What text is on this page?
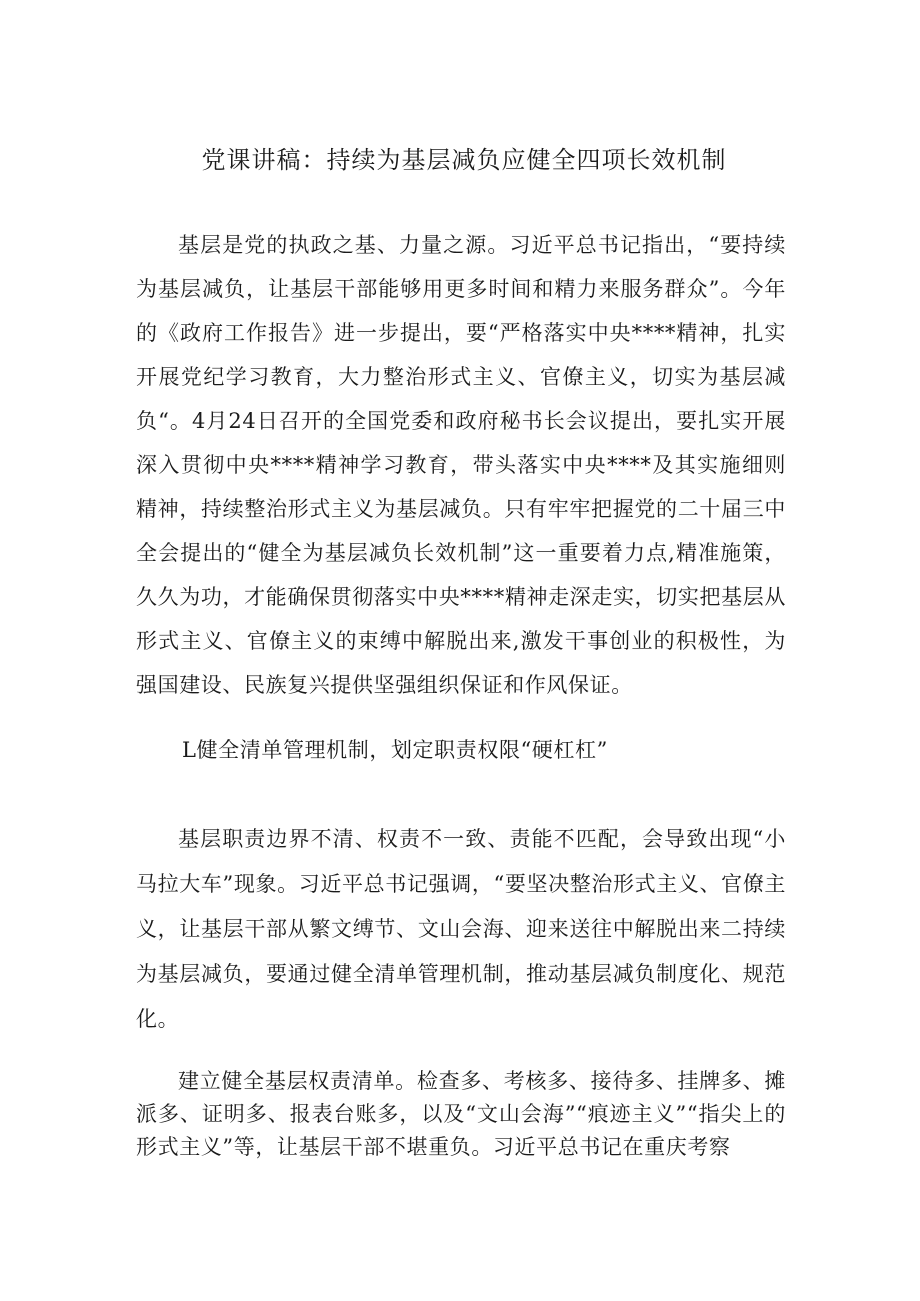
党课讲稿：持续为基层减负应健全四项长效机制

基层是党的执政之基、力量之源。习近平总书记指出，“要持续为基层减负，让基层干部能够用更多时间和精力来服务群众”。今年的《政府工作报告》进一步提出，要“严格落实中央****精神，扎实开展党纪学习教育，大力整治形式主义、官僚主义，切实为基层减负“。4月24日召开的全国党委和政府秘书长会议提出，要扎实开展深入贯彻中央****精神学习教育，带头落实中央****及其实施细则精神，持续整治形式主义为基层减负。只有牢牢把握党的二十届三中全会提出的“健全为基层减负长效机制”这一重要着力点,精准施策，久久为功，才能确保贯彻落实中央****精神走深走实，切实把基层从形式主义、官僚主义的束缚中解脱出来,激发干事创业的积极性，为强国建设、民族复兴提供坚强组织保证和作风保证。

L健全清单管理机制，划定职责权限“硬杠杠”

基层职责边界不清、权责不一致、责能不匹配，会导致出现“小马拉大车”现象。习近平总书记强调，“要坚决整治形式主义、官僚主义，让基层干部从繁文缚节、文山会海、迎来送往中解脱出来二持续为基层减负，要通过健全清单管理机制，推动基层减负制度化、规范化。

建立健全基层权责清单。检查多、考核多、接待多、挂牌多、摊派多、证明多、报表台账多，以及“文山会海”“痕迹主义”“指尖上的形式主义”等，让基层干部不堪重负。习近平总书记在重庆考察
